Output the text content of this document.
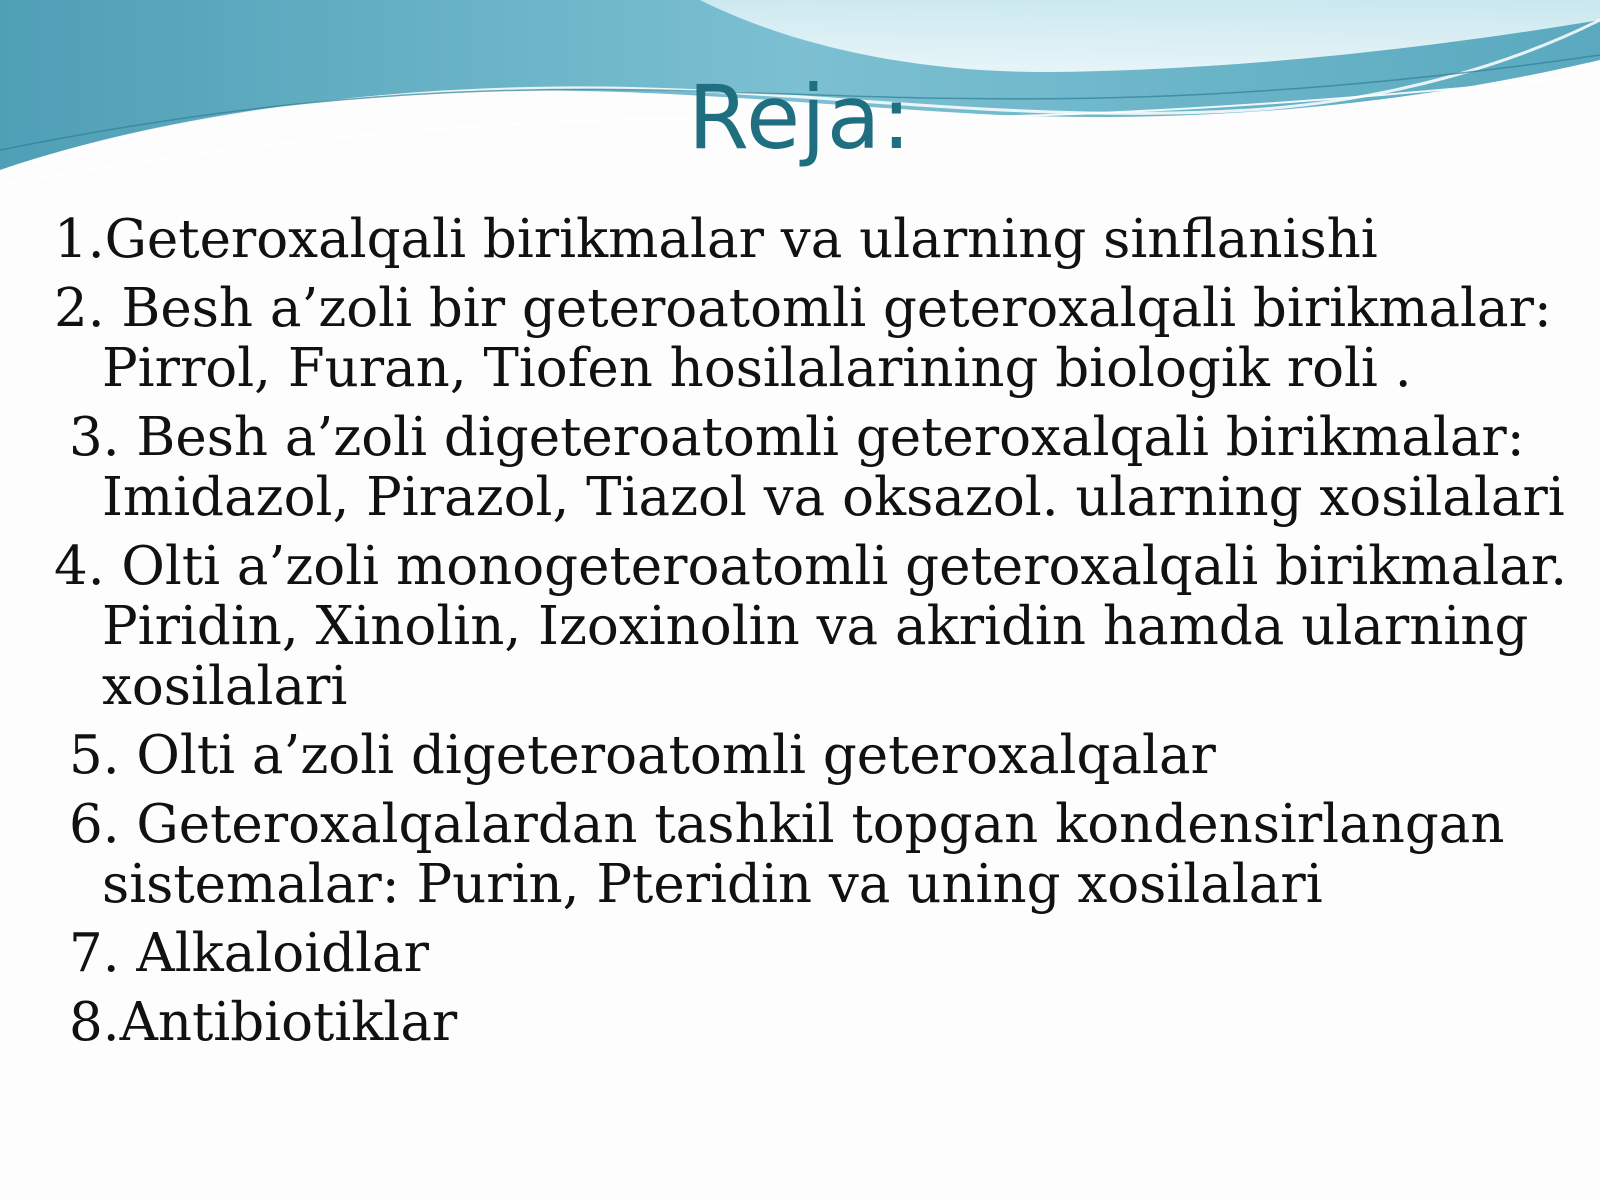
Reja:
1.Geteroxalqali birikmalar va ularning sinflanishi
2. Besh a’zoli bir geteroatomli geteroxalqali birikmalar: Pirrol, Furan, Tiofen hosilalarining biologik roli .
3. Besh a’zoli digeteroatomli geteroxalqali birikmalar: Imidazol, Pirazol, Tiazol va oksazol. ularning xosilalari
4. Olti a’zoli monogeteroatomli geteroxalqali birikmalar. Piridin, Xinolin, Izoxinolin va akridin hamda ularning xosilalari
5. Olti a’zoli digeteroatomli geteroxalqalar
6. Geteroxalqalardan tashkil topgan kondensirlangan sistemalar: Purin, Pteridin va uning xosilalari
7. Alkaloidlar
8.Antibiotiklar
